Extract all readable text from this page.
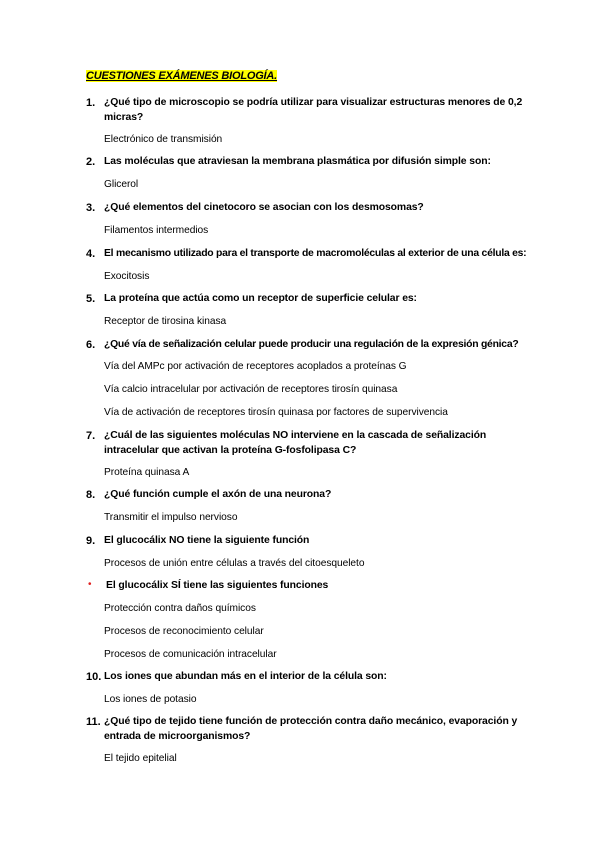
CUESTIONES EXÁMENES BIOLOGÍA.
1. ¿Qué tipo de microscopio se podría utilizar para visualizar estructuras menores de 0,2 micras?
Electrónico de transmisión
2. Las moléculas que atraviesan la membrana plasmática por difusión simple son:
Glicerol
3. ¿Qué elementos del cinetocoro se asocian con los desmosomas?
Filamentos intermedios
4. El mecanismo utilizado para el transporte de macromoléculas al exterior de una célula es:
Exocitosis
5. La proteína que actúa como un receptor de superficie celular es:
Receptor de tirosina kinasa
6. ¿Qué vía de señalización celular puede producir una regulación de la expresión génica?
Vía del AMPc por activación de receptores acoplados a proteínas G
Vía calcio intracelular por activación de receptores tirosín quinasa
Vía de activación de receptores tirosín quinasa por factores de supervivencia
7. ¿Cuál de las siguientes moléculas NO interviene en la cascada de señalización intracelular que activan la proteína G-fosfolipasa C?
Proteína quinasa A
8. ¿Qué función cumple el axón de una neurona?
Transmitir el impulso nervioso
9. El glucocálix NO tiene la siguiente función
Procesos de unión entre células a través del citoesqueleto
• El glucocálix SÍ tiene las siguientes funciones
Protección contra daños químicos
Procesos de reconocimiento celular
Procesos de comunicación intracelular
10. Los iones que abundan más en el interior de la célula son:
Los iones de potasio
11. ¿Qué tipo de tejido tiene función de protección contra daño mecánico, evaporación y entrada de microorganismos?
El tejido epitelial
